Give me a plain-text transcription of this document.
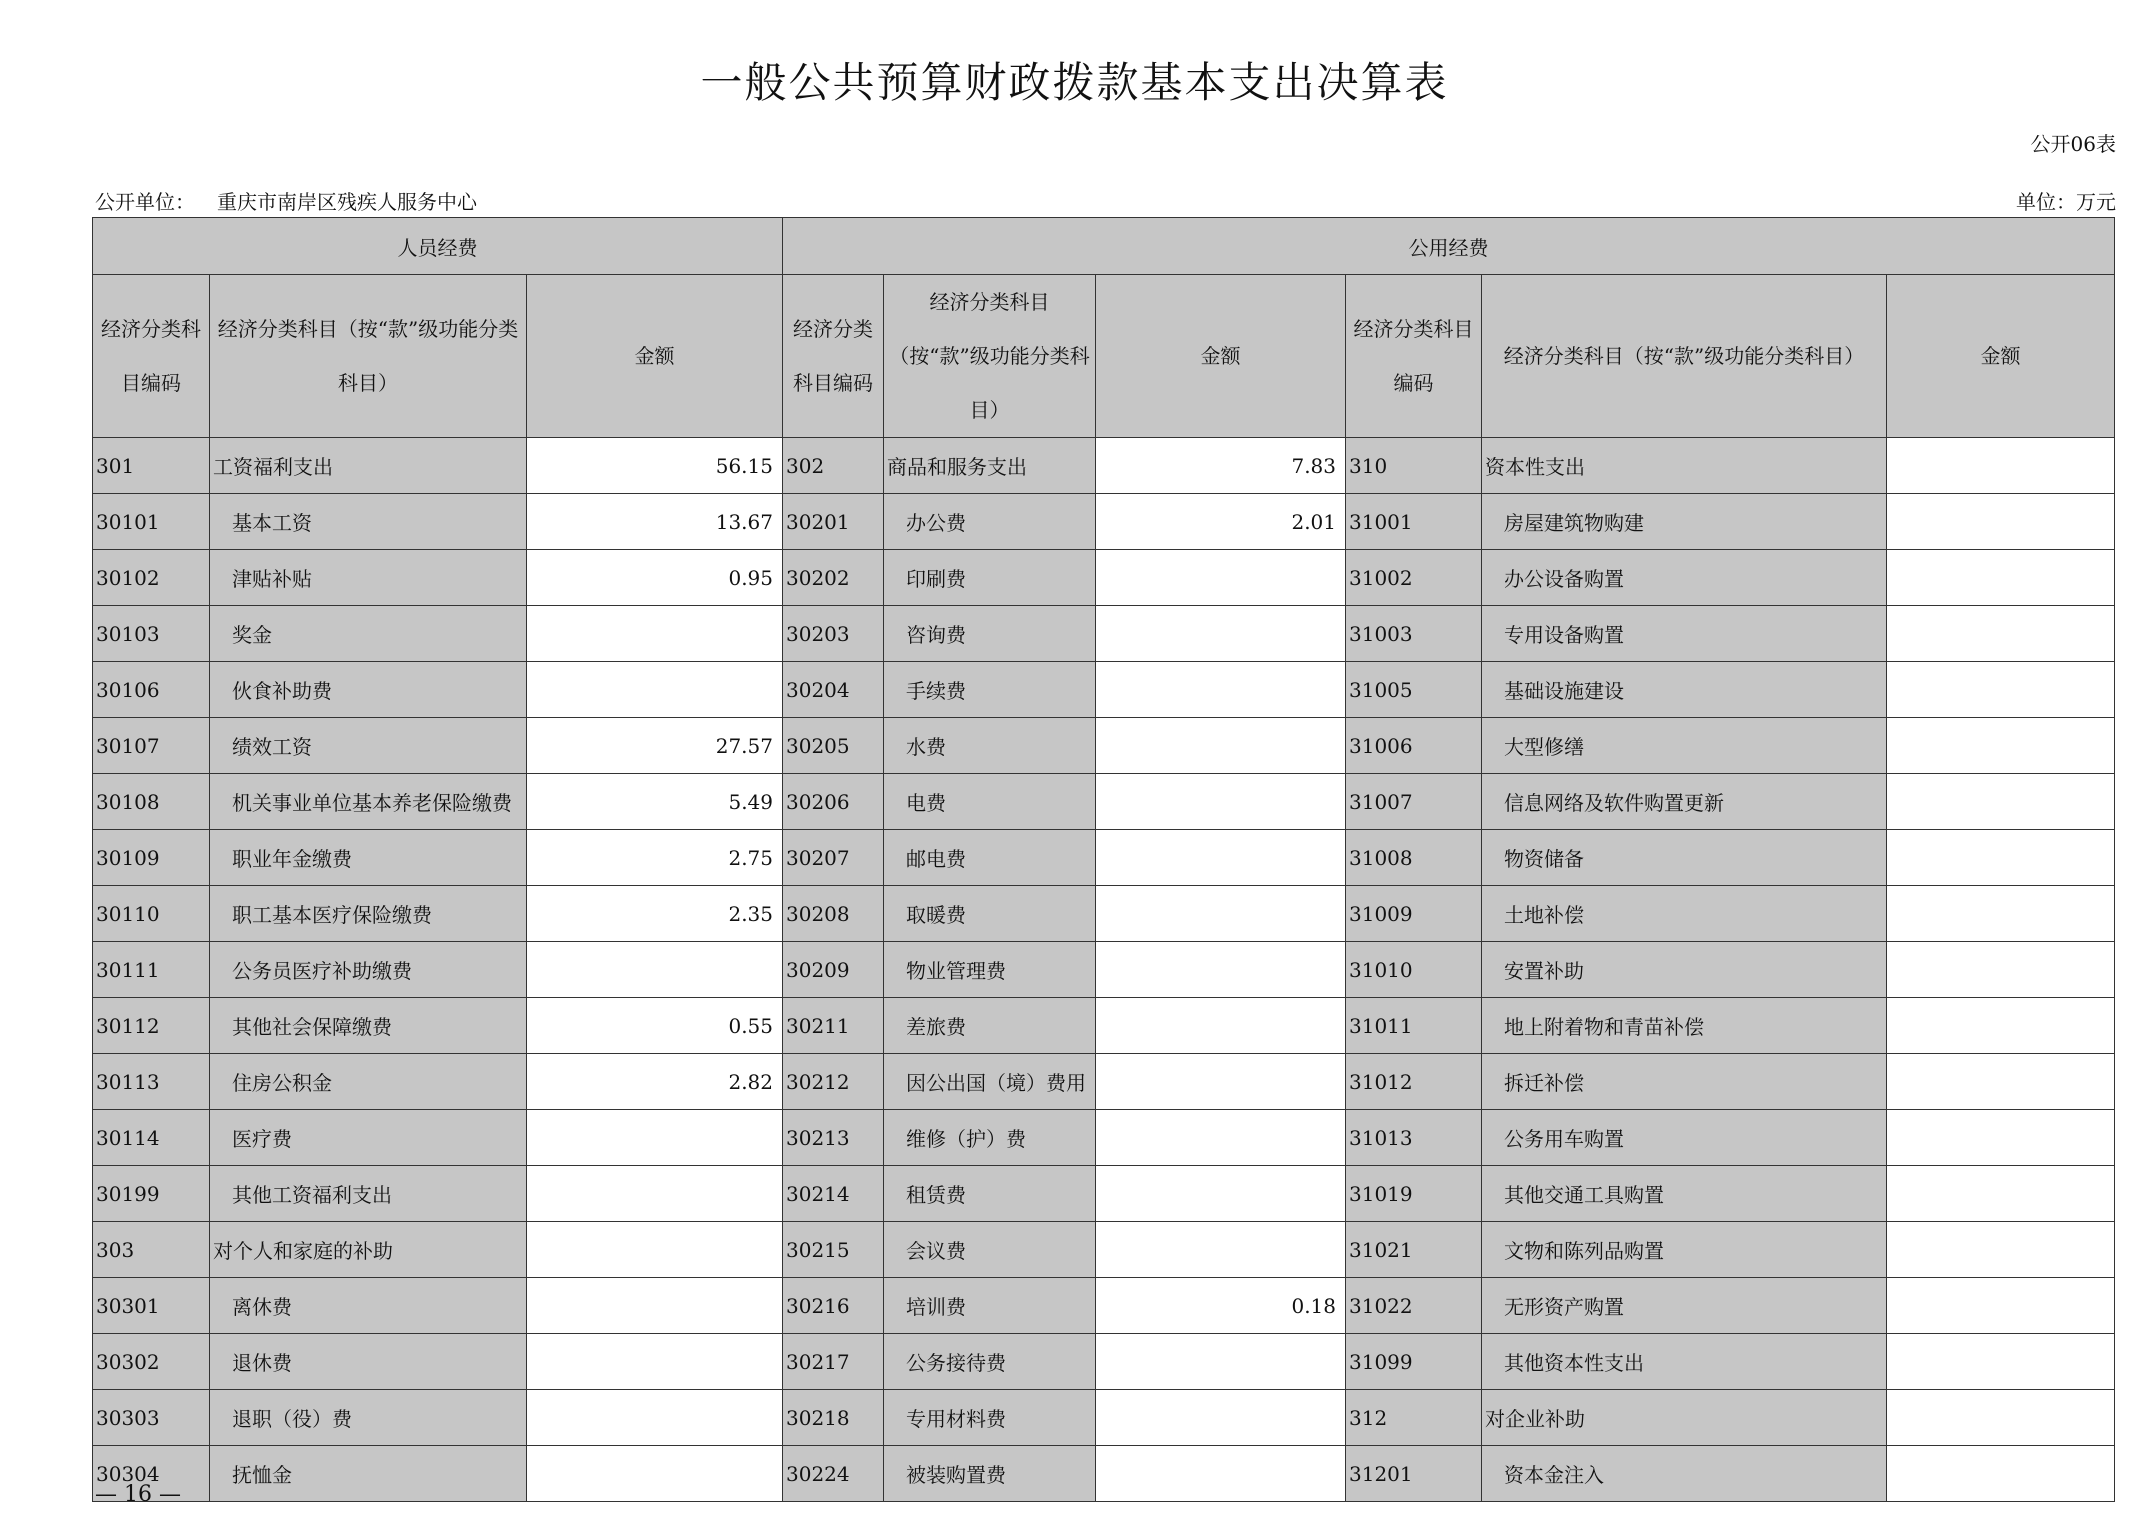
一般公共预算财政拨款基本支出决算表
公开06表
公开单位： 重庆市南岸区残疾人服务中心	单位：万元
人员经费			公用经费					
经济分类科目编码	经济分类科目（按“款”级功能分类科目）	金额	经济分类科目编码	经济分类科目（按“款”级功能分类科目）	金额	经济分类科目编码	经济分类科目（按“款”级功能分类科目）	金额
301	工资福利支出	56.15	302	商品和服务支出	7.83	310	资本性支出	
30101	基本工资	13.67	30201	办公费	2.01	31001	房屋建筑物购建	
30102	津贴补贴	0.95	30202	印刷费		31002	办公设备购置	
30103	奖金		30203	咨询费		31003	专用设备购置	
30106	伙食补助费		30204	手续费		31005	基础设施建设	
30107	绩效工资	27.57	30205	水费		31006	大型修缮	
30108	机关事业单位基本养老保险缴费	5.49	30206	电费		31007	信息网络及软件购置更新	
30109	职业年金缴费	2.75	30207	邮电费		31008	物资储备	
30110	职工基本医疗保险缴费	2.35	30208	取暖费		31009	土地补偿	
30111	公务员医疗补助缴费		30209	物业管理费		31010	安置补助	
30112	其他社会保障缴费	0.55	30211	差旅费		31011	地上附着物和青苗补偿	
30113	住房公积金	2.82	30212	因公出国（境）费用		31012	拆迁补偿	
30114	医疗费		30213	维修（护）费		31013	公务用车购置	
30199	其他工资福利支出		30214	租赁费		31019	其他交通工具购置	
303	对个人和家庭的补助		30215	会议费		31021	文物和陈列品购置	
30301	离休费		30216	培训费	0.18	31022	无形资产购置	
30302	退休费		30217	公务接待费		31099	其他资本性支出	
30303	退职（役）费		30218	专用材料费		312	对企业补助	
30304	抚恤金		30224	被装购置费		31201	资本金注入	
— 16 —
